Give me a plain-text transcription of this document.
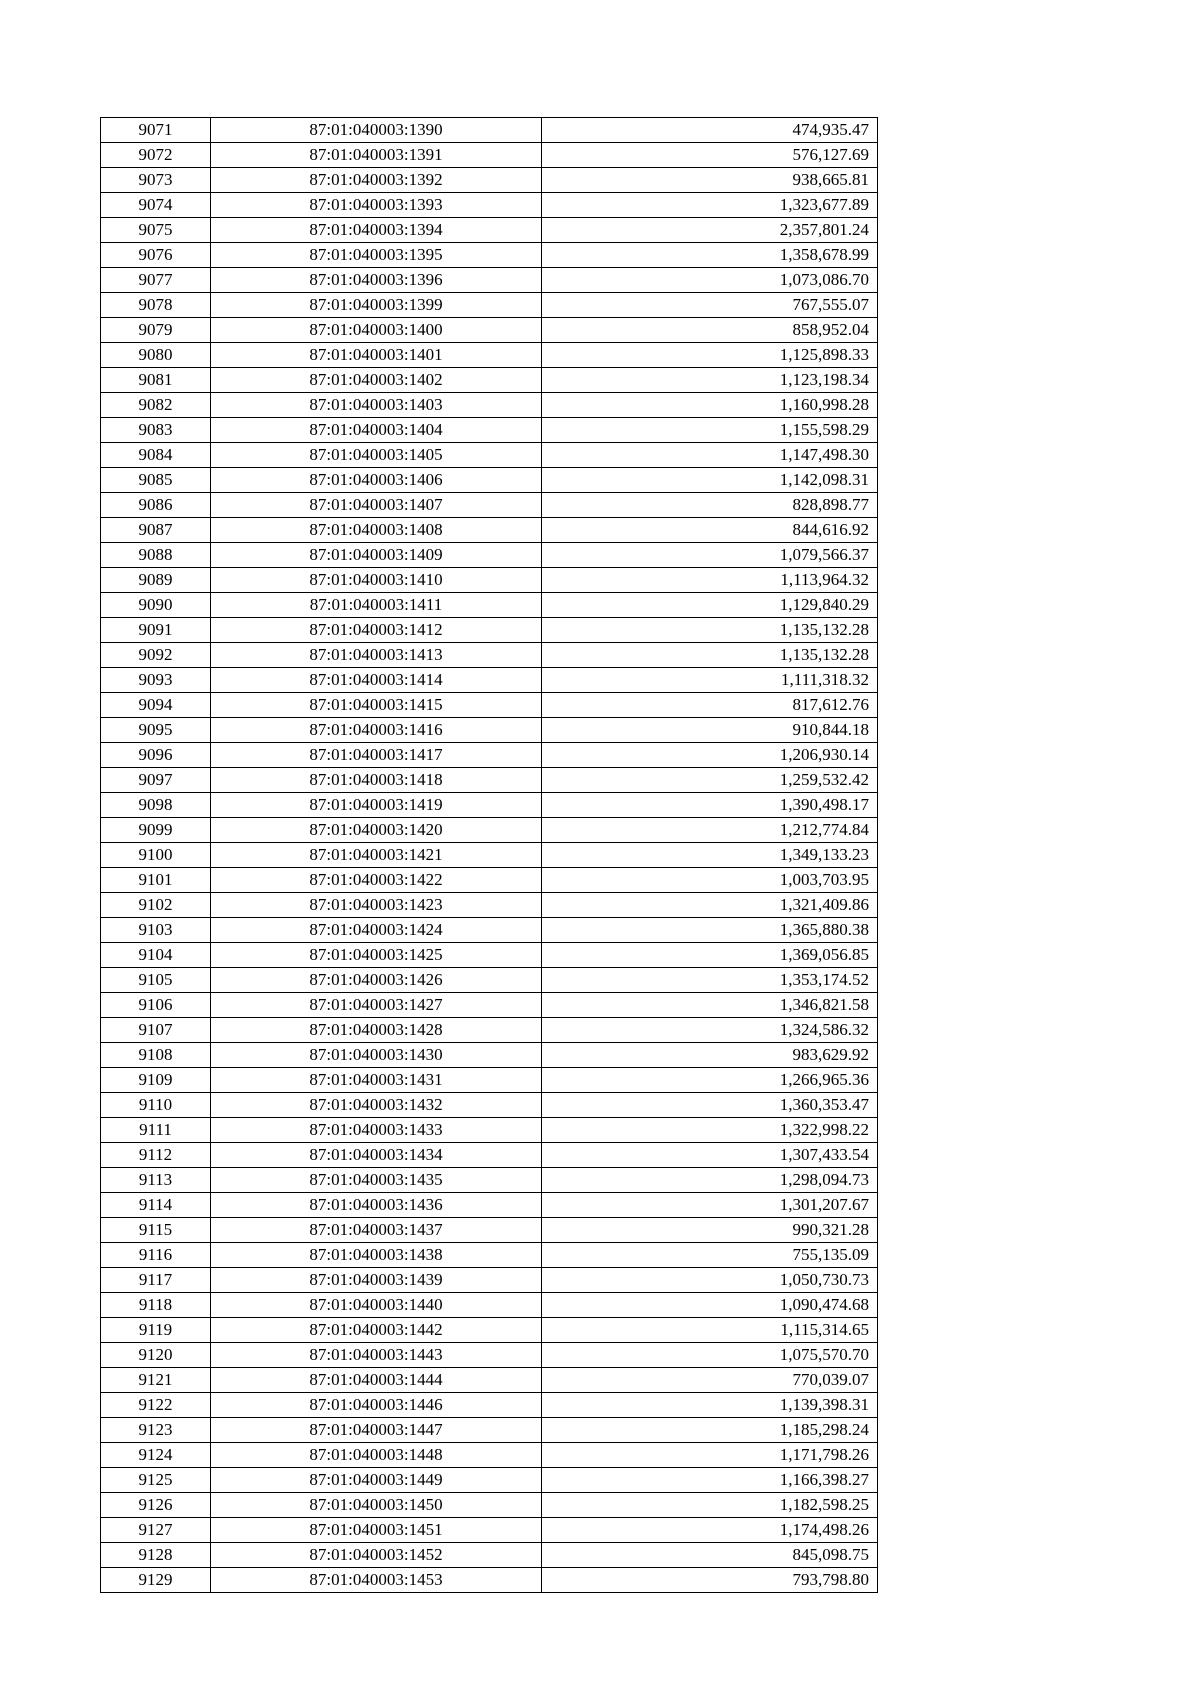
9071	87:01:040003:1390	474,935.47
9072	87:01:040003:1391	576,127.69
9073	87:01:040003:1392	938,665.81
9074	87:01:040003:1393	1,323,677.89
9075	87:01:040003:1394	2,357,801.24
9076	87:01:040003:1395	1,358,678.99
9077	87:01:040003:1396	1,073,086.70
9078	87:01:040003:1399	767,555.07
9079	87:01:040003:1400	858,952.04
9080	87:01:040003:1401	1,125,898.33
9081	87:01:040003:1402	1,123,198.34
9082	87:01:040003:1403	1,160,998.28
9083	87:01:040003:1404	1,155,598.29
9084	87:01:040003:1405	1,147,498.30
9085	87:01:040003:1406	1,142,098.31
9086	87:01:040003:1407	828,898.77
9087	87:01:040003:1408	844,616.92
9088	87:01:040003:1409	1,079,566.37
9089	87:01:040003:1410	1,113,964.32
9090	87:01:040003:1411	1,129,840.29
9091	87:01:040003:1412	1,135,132.28
9092	87:01:040003:1413	1,135,132.28
9093	87:01:040003:1414	1,111,318.32
9094	87:01:040003:1415	817,612.76
9095	87:01:040003:1416	910,844.18
9096	87:01:040003:1417	1,206,930.14
9097	87:01:040003:1418	1,259,532.42
9098	87:01:040003:1419	1,390,498.17
9099	87:01:040003:1420	1,212,774.84
9100	87:01:040003:1421	1,349,133.23
9101	87:01:040003:1422	1,003,703.95
9102	87:01:040003:1423	1,321,409.86
9103	87:01:040003:1424	1,365,880.38
9104	87:01:040003:1425	1,369,056.85
9105	87:01:040003:1426	1,353,174.52
9106	87:01:040003:1427	1,346,821.58
9107	87:01:040003:1428	1,324,586.32
9108	87:01:040003:1430	983,629.92
9109	87:01:040003:1431	1,266,965.36
9110	87:01:040003:1432	1,360,353.47
9111	87:01:040003:1433	1,322,998.22
9112	87:01:040003:1434	1,307,433.54
9113	87:01:040003:1435	1,298,094.73
9114	87:01:040003:1436	1,301,207.67
9115	87:01:040003:1437	990,321.28
9116	87:01:040003:1438	755,135.09
9117	87:01:040003:1439	1,050,730.73
9118	87:01:040003:1440	1,090,474.68
9119	87:01:040003:1442	1,115,314.65
9120	87:01:040003:1443	1,075,570.70
9121	87:01:040003:1444	770,039.07
9122	87:01:040003:1446	1,139,398.31
9123	87:01:040003:1447	1,185,298.24
9124	87:01:040003:1448	1,171,798.26
9125	87:01:040003:1449	1,166,398.27
9126	87:01:040003:1450	1,182,598.25
9127	87:01:040003:1451	1,174,498.26
9128	87:01:040003:1452	845,098.75
9129	87:01:040003:1453	793,798.80
